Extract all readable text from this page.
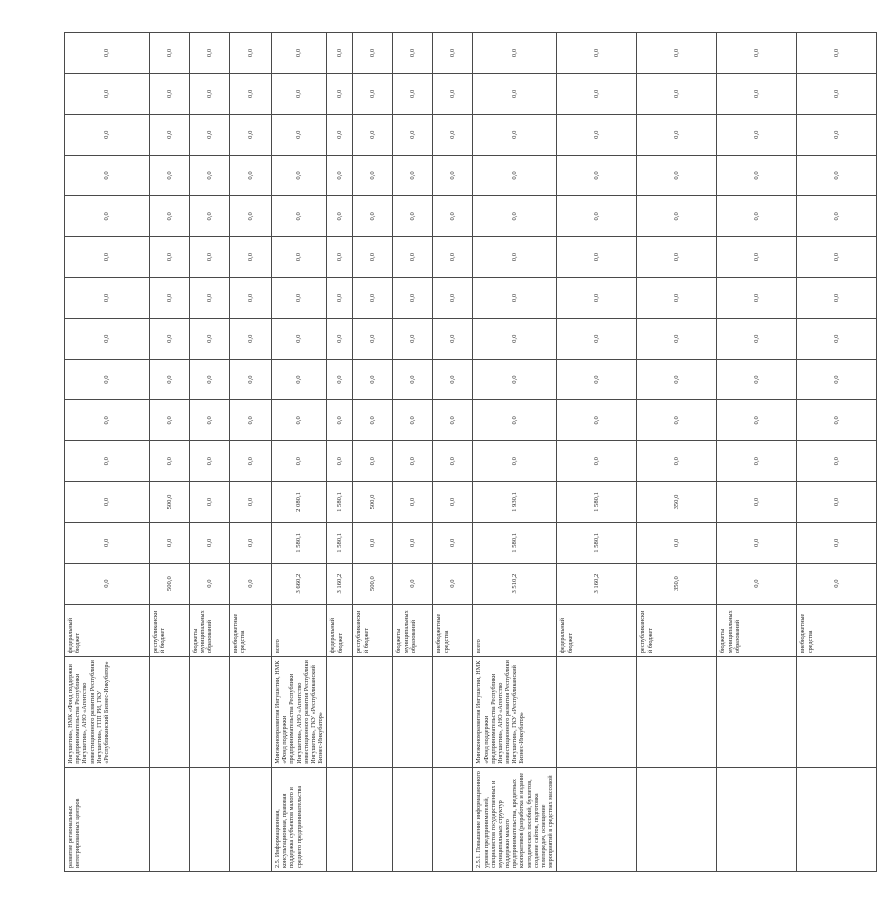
развитие региональных интегрированных центров	Ингушетия», НМК «Фонд поддержки предпринимательства Республики Ингушетия», АНО «Агентство инвестиционного развития Республики Ингушетия», ГПП РИ, ГКУ «Республиканский Бизнес-Инкубатор»	федеральный бюджет	0,0	0,0	0,0	0,0	0,0	0,0	0,0	0,0	0,0	0,0	0,0	0,0	0,0	0,0
		республиканский бюджет	500,0	0,0	500,0	0,0	0,0	0,0	0,0	0,0	0,0	0,0	0,0	0,0	0,0	0,0
		бюджеты муниципальных образований	0,0	0,0	0,0	0,0	0,0	0,0	0,0	0,0	0,0	0,0	0,0	0,0	0,0	0,0
		внебюджетные средства	0,0	0,0	0,0	0,0	0,0	0,0	0,0	0,0	0,0	0,0	0,0	0,0	0,0	0,0
2.5. Информационная, консультационная, правовая поддержка субъектов малого и среднего предпринимательства	Минэкономразвития Ингушетии, НМК «Фонд поддержки предпринимательства Республики Ингушетия», АНО «Агентство инвестиционного развития Республики Ингушетия», ГКУ «Республиканский Бизнес-Инкубатор»	всего	3 660,2	1 580,1	2 080,1	0,0	0,0	0,0	0,0	0,0	0,0	0,0	0,0	0,0	0,0	0,0
		федеральный бюджет	3 160,2	1 580,1	1 580,1	0,0	0,0	0,0	0,0	0,0	0,0	0,0	0,0	0,0	0,0	0,0
		республиканский бюджет	500,0	0,0	500,0	0,0	0,0	0,0	0,0	0,0	0,0	0,0	0,0	0,0	0,0	0,0
		бюджеты муниципальных образований	0,0	0,0	0,0	0,0	0,0	0,0	0,0	0,0	0,0	0,0	0,0	0,0	0,0	0,0
		внебюджетные средства	0,0	0,0	0,0	0,0	0,0	0,0	0,0	0,0	0,0	0,0	0,0	0,0	0,0	0,0
2.5.1. Повышение информационного уровня предпринимателей, специалистов государственных и муниципальных структур поддержки малого предпринимательства, кредитных кооперативов (разработка и издание методических пособий, буклетов, создание сайтов, подготовка телепередач, освещение мероприятий в средствах массовой	Минэкономразвития Ингушетии, НМК «Фонд поддержки предпринимательства Республики Ингушетия», АНО «Агентство инвестиционного развития Республики Ингушетия», ГКУ «Республиканский Бизнес-Инкубатор»	всего	3 510,2	1 580,1	1 930,1	0,0	0,0	0,0	0,0	0,0	0,0	0,0	0,0	0,0	0,0	0,0
		федеральный бюджет	3 160,2	1 580,1	1 580,1	0,0	0,0	0,0	0,0	0,0	0,0	0,0	0,0	0,0	0,0	0,0
		республиканский бюджет	350,0	0,0	350,0	0,0	0,0	0,0	0,0	0,0	0,0	0,0	0,0	0,0	0,0	0,0
		бюджеты муниципальных образований	0,0	0,0	0,0	0,0	0,0	0,0	0,0	0,0	0,0	0,0	0,0	0,0	0,0	0,0
		внебюджетные средства	0,0	0,0	0,0	0,0	0,0	0,0	0,0	0,0	0,0	0,0	0,0	0,0	0,0	0,0
